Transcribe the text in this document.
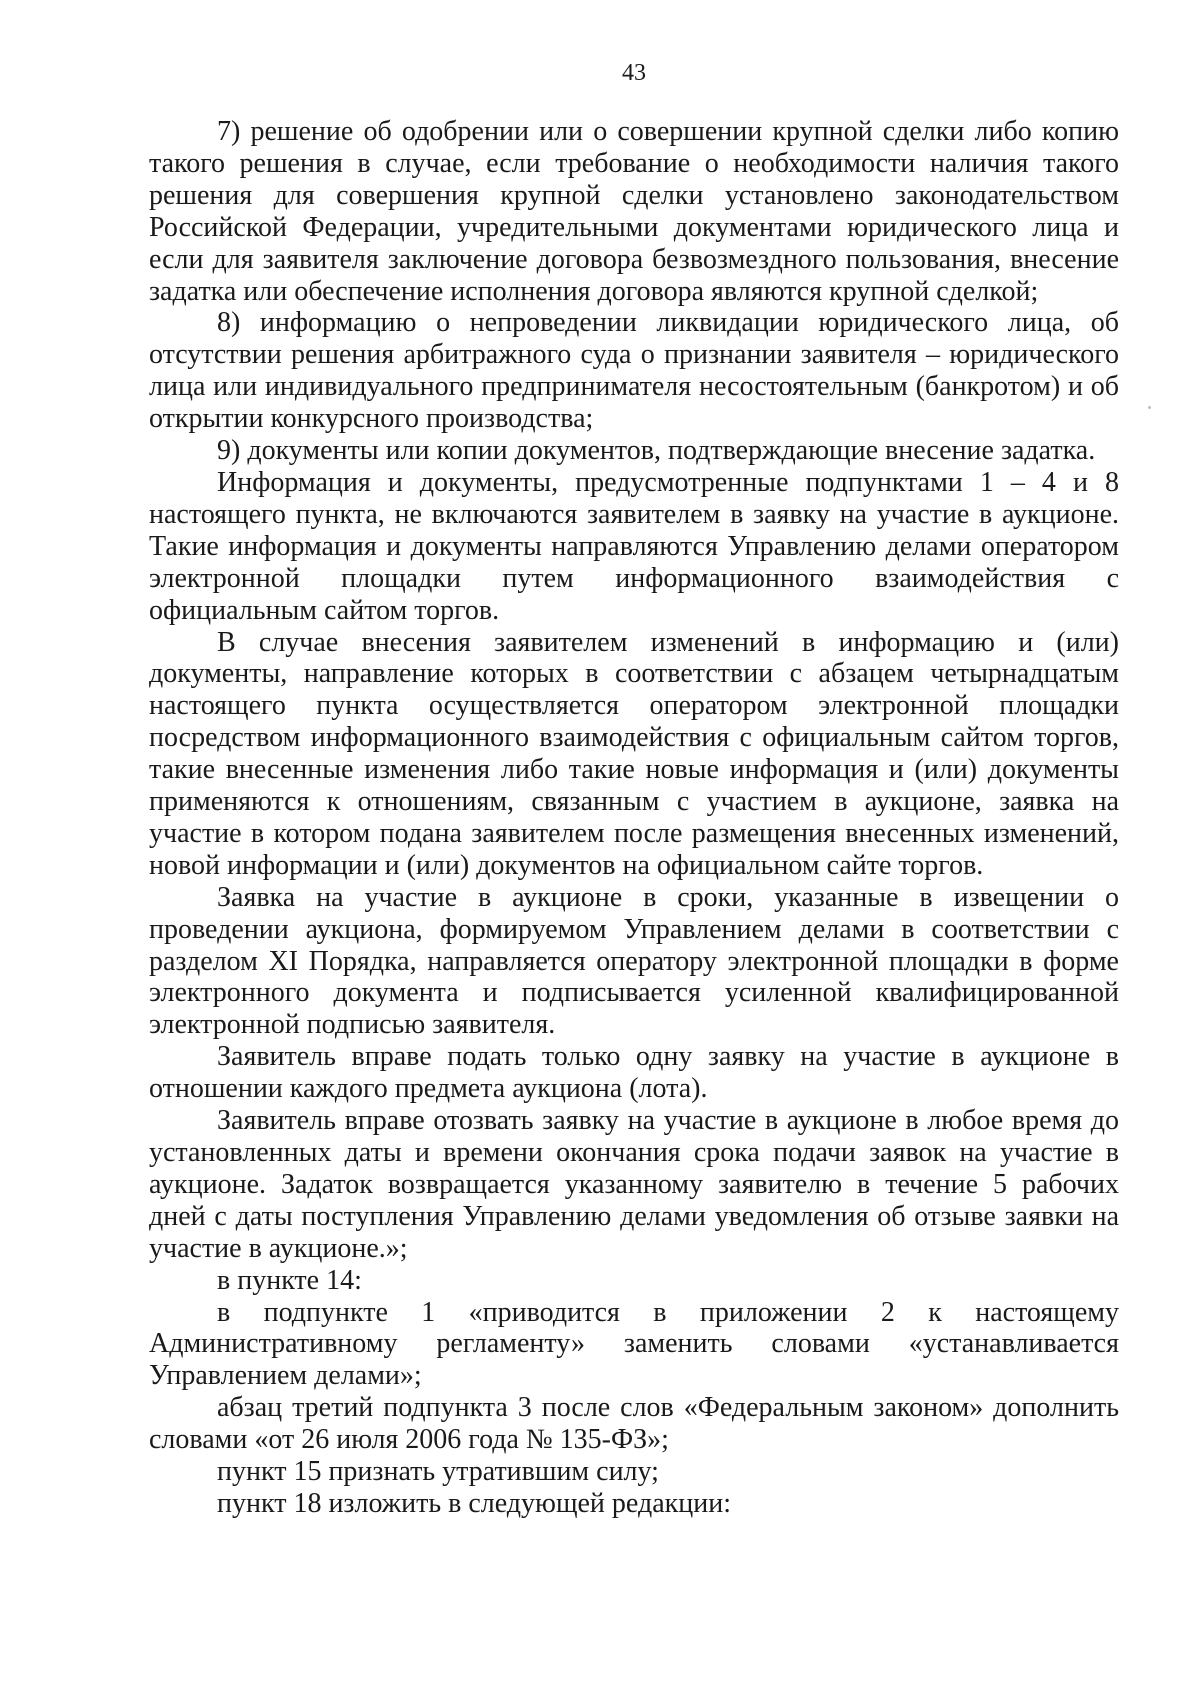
43

7) решение об одобрении или о совершении крупной сделки либо копию такого решения в случае, если требование о необходимости наличия такого решения для совершения крупной сделки установлено законодательством Российской Федерации, учредительными документами юридического лица и если для заявителя заключение договора безвозмездного пользования, внесение задатка или обеспечение исполнения договора являются крупной сделкой;

8) информацию о непроведении ликвидации юридического лица, об отсутствии решения арбитражного суда о признании заявителя – юридического лица или индивидуального предпринимателя несостоятельным (банкротом) и об открытии конкурсного производства;

9) документы или копии документов, подтверждающие внесение задатка.

Информация и документы, предусмотренные подпунктами 1 – 4 и 8 настоящего пункта, не включаются заявителем в заявку на участие в аукционе. Такие информация и документы направляются Управлению делами оператором электронной площадки путем информационного взаимодействия с официальным сайтом торгов.

В случае внесения заявителем изменений в информацию и (или) документы, направление которых в соответствии с абзацем четырнадцатым настоящего пункта осуществляется оператором электронной площадки посредством информационного взаимодействия с официальным сайтом торгов, такие внесенные изменения либо такие новые информация и (или) документы применяются к отношениям, связанным с участием в аукционе, заявка на участие в котором подана заявителем после размещения внесенных изменений, новой информации и (или) документов на официальном сайте торгов.

Заявка на участие в аукционе в сроки, указанные в извещении о проведении аукциона, формируемом Управлением делами в соответствии с разделом XI Порядка, направляется оператору электронной площадки в форме электронного документа и подписывается усиленной квалифицированной электронной подписью заявителя.

Заявитель вправе подать только одну заявку на участие в аукционе в отношении каждого предмета аукциона (лота).

Заявитель вправе отозвать заявку на участие в аукционе в любое время до установленных даты и времени окончания срока подачи заявок на участие в аукционе. Задаток возвращается указанному заявителю в течение 5 рабочих дней с даты поступления Управлению делами уведомления об отзыве заявки на участие в аукционе.»;

в пункте 14:

в подпункте 1 «приводится в приложении 2 к настоящему Административному регламенту» заменить словами «устанавливается Управлением делами»;

абзац третий подпункта 3 после слов «Федеральным законом» дополнить словами «от 26 июля 2006 года № 135-ФЗ»;

пункт 15 признать утратившим силу;

пункт 18 изложить в следующей редакции:
